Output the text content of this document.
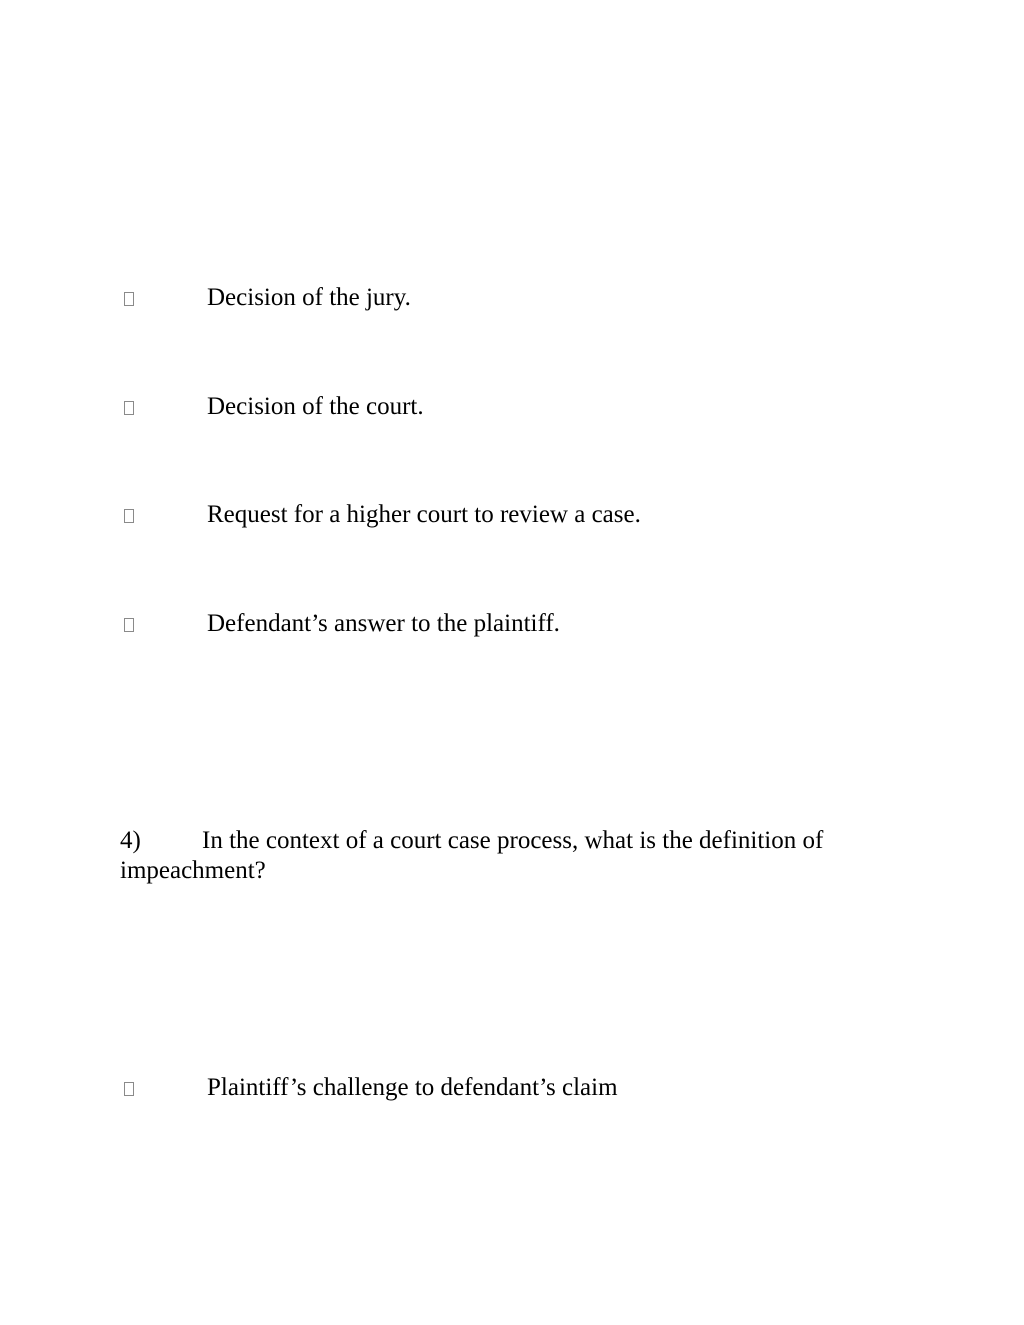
Decision of the jury.
Decision of the court.
Request for a higher court to review a case.
Defendant’s answer to the plaintiff.
4) In the context of a court case process, what is the definition of impeachment?
Plaintiff’s challenge to defendant’s claim
